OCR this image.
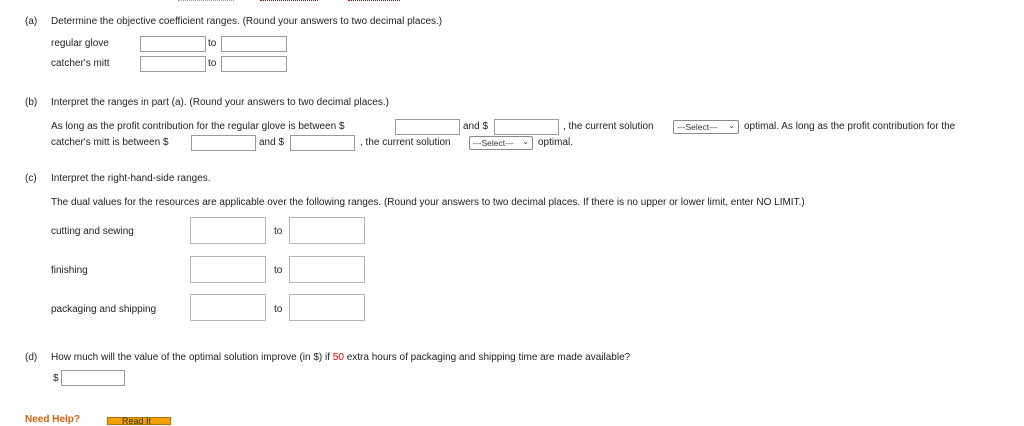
(a) Determine the objective coefficient ranges. (Round your answers to two decimal places.)
regular glove	to
catcher's mitt	to
(b) Interpret the ranges in part (a). (Round your answers to two decimal places.)
As long as the profit contribution for the regular glove is between $	and $	, the current solution	---Select--- ⌄ optimal. As long as the profit contribution for the
catcher's mitt is between $	and $	, the current solution	---Select--- ⌄ optimal.
(c) Interpret the right-hand-side ranges.
The dual values for the resources are applicable over the following ranges. (Round your answers to two decimal places. If there is no upper or lower limit, enter NO LIMIT.)
cutting and sewing	to
finishing	to
packaging and shipping	to
(d) How much will the value of the optimal solution improve (in $) if 50 extra hours of packaging and shipping time are made available?
$
Need Help?	Read It
